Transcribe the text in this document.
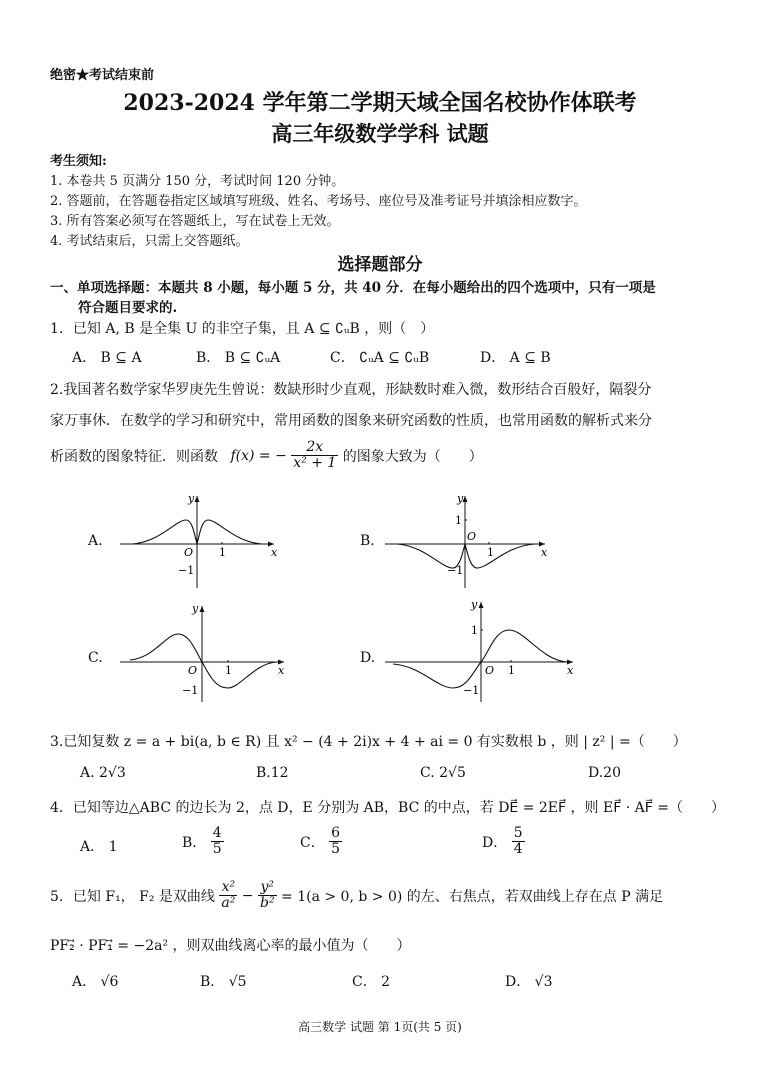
绝密★考试结束前
2023-2024 学年第二学期天域全国名校协作体联考
高三年级数学学科 试题
考生须知:
1. 本卷共 5 页满分 150 分，考试时间 120 分钟。
2. 答题前，在答题卷指定区域填写班级、姓名、考场号、座位号及准考证号并填涂相应数字。
3. 所有答案必须写在答题纸上，写在试卷上无效。
4. 考试结束后，只需上交答题纸。
选择题部分
一、单项选择题：本题共 8 小题，每小题 5 分，共 40 分．在每小题给出的四个选项中，只有一项是
符合题目要求的.
1．已知 A, B 是全集 U 的非空子集，且 A ⊆ ∁ᵤB ，则（　）
A． B ⊆ A	B． B ⊆ ∁ᵤA	C． ∁ᵤA ⊆ ∁ᵤB	D． A ⊆ B
2.我国著名数学家华罗庚先生曾说：数缺形时少直观，形缺数时难入微，数形结合百般好，隔裂分
家万事休．在数学的学习和研究中，常用函数的图象来研究函数的性质，也常用函数的解析式来分
析函数的图象特征．则函数 f(x) = − $\frac{2x}{\text{x² + 1}}$ 的图象大致为（　　）
A.	B.
C.	D.
x
y
O 1
−1
x
y
O
1
1
−1
x
y
O	1
−1
x
y
O 1
1
−1
3.已知复数 z = a + bi(a, b ∈ R) 且 x² − (4 + 2i)x + 4 + ai = 0 有实数根 b ，则 | z² | =（　　）
A. 2√3	B.12	C. 2√5	D.20
4．已知等边△ABC 的边长为 2，点 D，E 分别为 AB，BC 的中点，若 DE⃗ = 2EF⃗ ，则 EF⃗ · AF⃗ =（　　）
A． 1	B． $\frac{4}{5}$	C． $\frac{6}{5}$	D． $\frac{5}{4}$
5．已知 F₁， F₂ 是双曲线 $\frac{\text{x²}}{\text{a²}} - \frac{\text{y²}}{\text{b²}} = 1(a > 0$, b > 0) 的左、右焦点，若双曲线上存在点 P 满足
PF₂⃗ · PF₁⃗ = −2a² ，则双曲线离心率的最小值为（　　）
A． √6	B． √5	C． 2	D． √3
高三数学 试题 第 1页(共 5 页)
